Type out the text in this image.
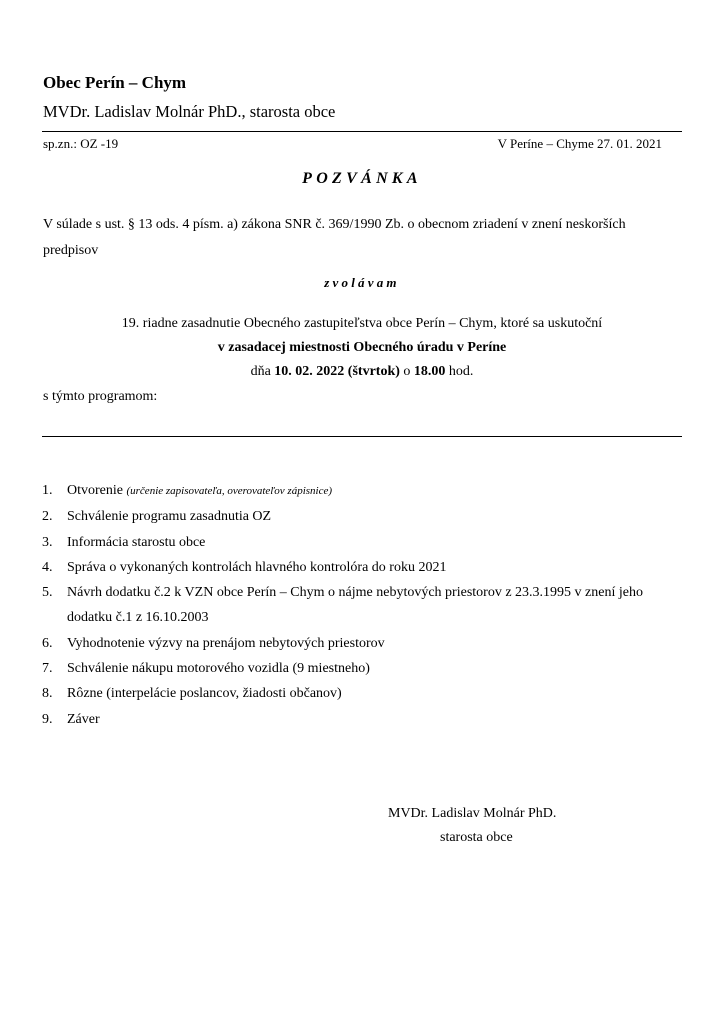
Obec Perín – Chym
MVDr. Ladislav Molnár PhD., starosta obce
sp.zn.: OZ -19	V Períne – Chyme 27. 01. 2021
POZVÁNKA
V súlade s ust. § 13 ods. 4 písm. a) zákona SNR č. 369/1990 Zb. o obecnom zriadení v znení neskorších predpisov
zvolávam
19. riadne zasadnutie Obecného zastupiteľstva obce Perín – Chym, ktoré sa uskutoční
v zasadacej miestnosti Obecného úradu v Períne
dňa 10. 02. 2022 (štvrtok) o 18.00 hod.
s týmto programom:
1. Otvorenie (určenie zapisovateľa, overovateľov zápisnice)
2. Schválenie programu zasadnutia OZ
3. Informácia starostu obce
4. Správa o vykonaných kontrolách hlavného kontrolóra do roku 2021
5. Návrh dodatku č.2 k VZN obce Perín – Chym o nájme nebytových priestorov z 23.3.1995 v znení jeho dodatku č.1 z 16.10.2003
6. Vyhodnotenie výzvy na prenájom nebytových priestorov
7. Schválenie nákupu motorového vozidla (9 miestneho)
8. Rôzne (interpelácie poslancov, žiadosti občanov)
9. Záver
MVDr. Ladislav Molnár PhD.
starosta obce
